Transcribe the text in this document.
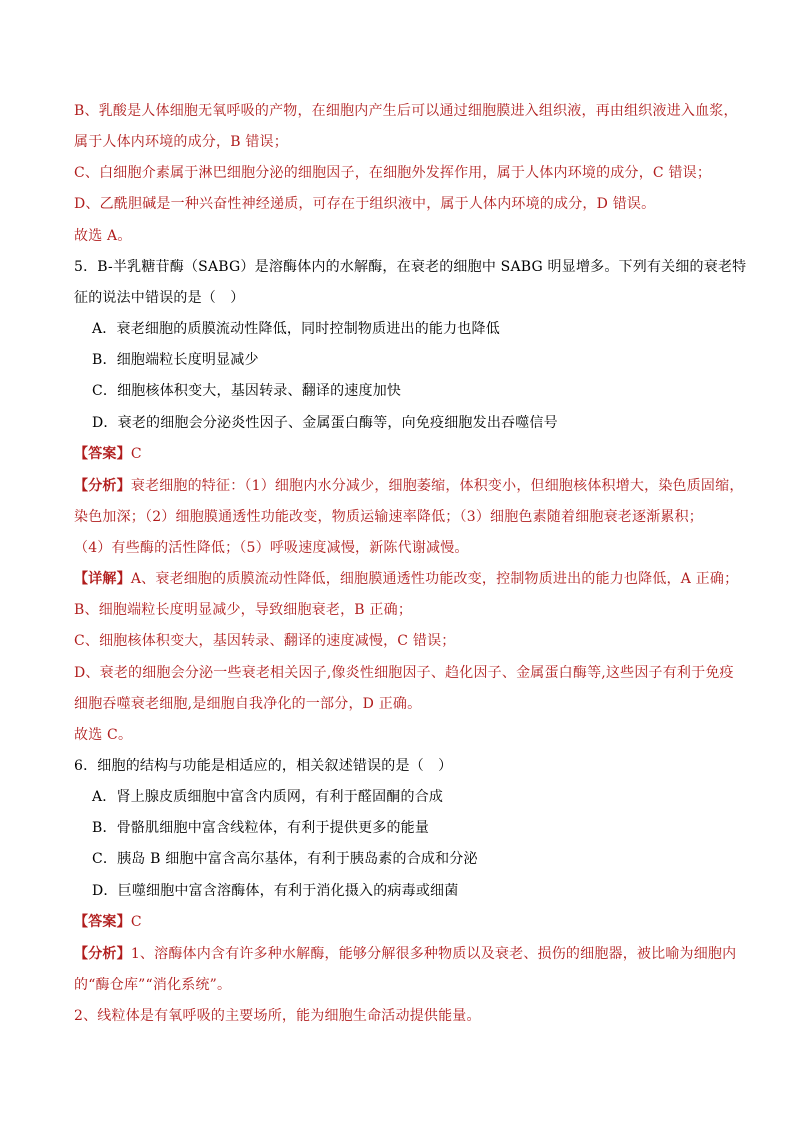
B、乳酸是人体细胞无氧呼吸的产物，在细胞内产生后可以通过细胞膜进入组织液，再由组织液进入血浆，
属于人体内环境的成分，B 错误；
C、白细胞介素属于淋巴细胞分泌的细胞因子，在细胞外发挥作用，属于人体内环境的成分，C 错误；
D、乙酰胆碱是一种兴奋性神经递质，可存在于组织液中，属于人体内环境的成分，D 错误。
故选 A。
5．B-半乳糖苷酶（SABG）是溶酶体内的水解酶，在衰老的细胞中 SABG 明显增多。下列有关细的衰老特
征的说法中错误的是（　）
A．衰老细胞的质膜流动性降低，同时控制物质进出的能力也降低
B．细胞端粒长度明显减少
C．细胞核体积变大，基因转录、翻译的速度加快
D．衰老的细胞会分泌炎性因子、金属蛋白酶等，向免疫细胞发出吞噬信号
【答案】C
【分析】衰老细胞的特征：（1）细胞内水分减少，细胞萎缩，体积变小，但细胞核体积增大，染色质固缩，
染色加深；（2）细胞膜通透性功能改变，物质运输速率降低；（3）细胞色素随着细胞衰老逐渐累积；
（4）有些酶的活性降低；（5）呼吸速度减慢，新陈代谢减慢。
【详解】A、衰老细胞的质膜流动性降低，细胞膜通透性功能改变，控制物质进出的能力也降低，A 正确；
B、细胞端粒长度明显减少，导致细胞衰老，B 正确；
C、细胞核体积变大，基因转录、翻译的速度减慢，C 错误；
D、衰老的细胞会分泌一些衰老相关因子,像炎性细胞因子、趋化因子、金属蛋白酶等,这些因子有利于免疫
细胞吞噬衰老细胞,是细胞自我净化的一部分，D 正确。
故选 C。
6．细胞的结构与功能是相适应的，相关叙述错误的是（　）
A．肾上腺皮质细胞中富含内质网，有利于醛固酮的合成
B．骨骼肌细胞中富含线粒体，有利于提供更多的能量
C．胰岛 B 细胞中富含高尔基体，有利于胰岛素的合成和分泌
D．巨噬细胞中富含溶酶体，有利于消化摄入的病毒或细菌
【答案】C
【分析】1、溶酶体内含有许多种水解酶，能够分解很多种物质以及衰老、损伤的细胞器，被比喻为细胞内
的“酶仓库”“消化系统”。
2、线粒体是有氧呼吸的主要场所，能为细胞生命活动提供能量。
